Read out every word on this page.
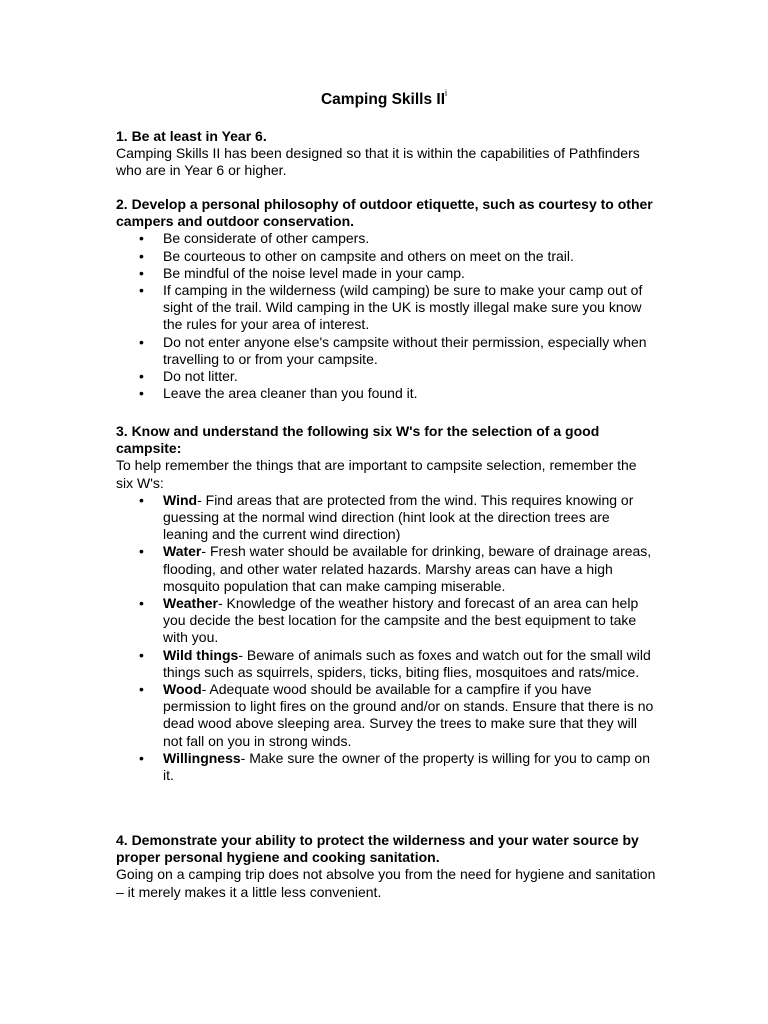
Camping Skills $II^i$
1. Be at least in Year 6.

Camping Skills II has been designed so that it is within the capabilities of Pathfinders who are in Year 6 or higher.

2. Develop a personal philosophy of outdoor etiquette, such as courtesy to other campers and outdoor conservation.
• Be considerate of other campers.
• Be courteous to other on campsite and others on meet on the trail.
• Be mindful of the noise level made in your camp.
• If camping in the wilderness (wild camping) be sure to make your camp out of sight of the trail. Wild camping in the UK is mostly illegal make sure you know the rules for your area of interest.
• Do not enter anyone else's campsite without their permission, especially when travelling to or from your campsite.
• Do not litter.
• Leave the area cleaner than you found it.
3. Know and understand the following six W's for the selection of a good campsite:

To help remember the things that are important to campsite selection, remember the six W's:

• Wind- Find areas that are protected from the wind. This requires knowing or guessing at the normal wind direction (hint look at the direction trees are leaning and the current wind direction)
• Water- Fresh water should be available for drinking, beware of drainage areas, flooding, and other water related hazards. Marshy areas can have a high mosquito population that can make camping miserable.
• Weather- Knowledge of the weather history and forecast of an area can help you decide the best location for the campsite and the best equipment to take with you.
• Wild things- Beware of animals such as foxes and watch out for the small wild things such as squirrels, spiders, ticks, biting flies, mosquitoes and rats/mice.
• Wood- Adequate wood should be available for a campfire if you have permission to light fires on the ground and/or on stands. Ensure that there is no dead wood above sleeping area. Survey the trees to make sure that they will not fall on you in strong winds.
• Willingness- Make sure the owner of the property is willing for you to camp on it.
4. Demonstrate your ability to protect the wilderness and your water source by proper personal hygiene and cooking sanitation.

Going on a camping trip does not absolve you from the need for hygiene and sanitation – it merely makes it a little less convenient.
